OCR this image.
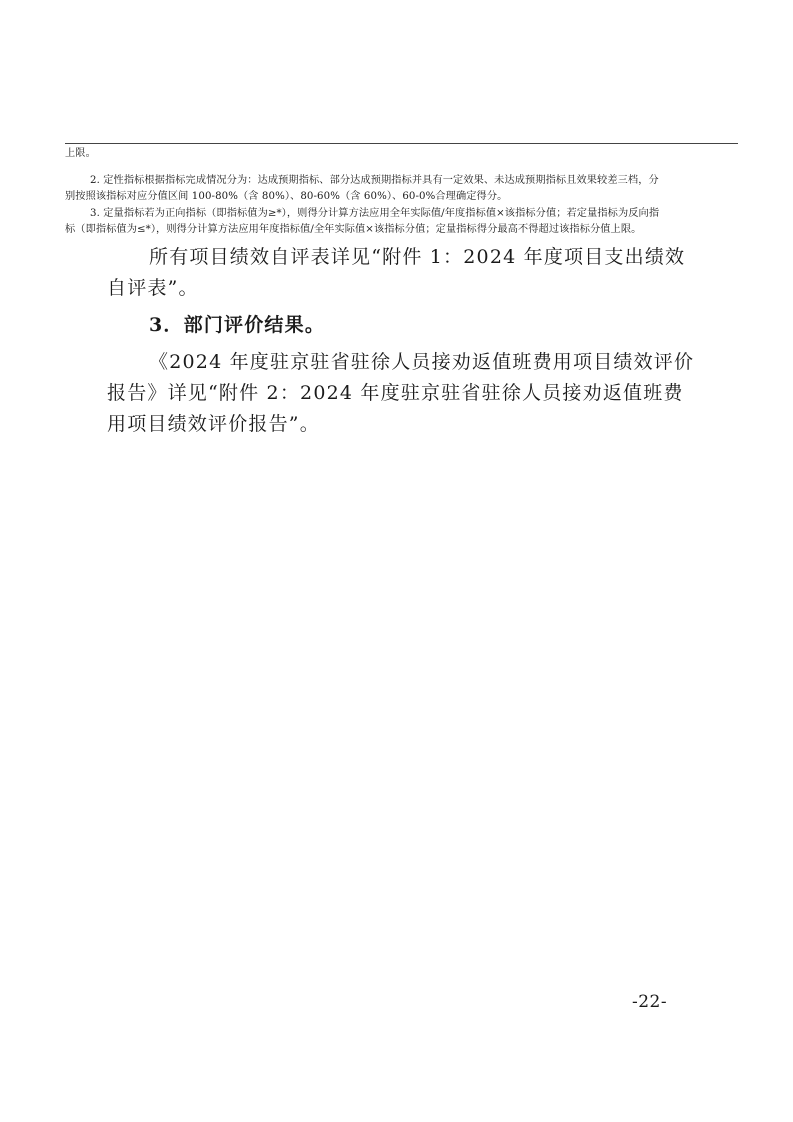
上限。

2. 定性指标根据指标完成情况分为：达成预期指标、部分达成预期指标并具有一定效果、未达成预期指标且效果较差三档，分

别按照该指标对应分值区间 100-80%（含 80%）、80-60%（含 60%）、60-0%合理确定得分。

3. 定量指标若为正向指标（即指标值为≥*），则得分计算方法应用全年实际值/年度指标值×该指标分值；若定量指标为反向指

标（即指标值为≤*），则得分计算方法应用年度指标值/全年实际值×该指标分值；定量指标得分最高不得超过该指标分值上限。

所有项目绩效自评表详见“附件 1：2024 年度项目支出绩效自评表”。

3．部门评价结果。

《2024 年度驻京驻省驻徐人员接劝返值班费用项目绩效评价报告》详见“附件 2：2024 年度驻京驻省驻徐人员接劝返值班费用项目绩效评价报告”。

-22-
